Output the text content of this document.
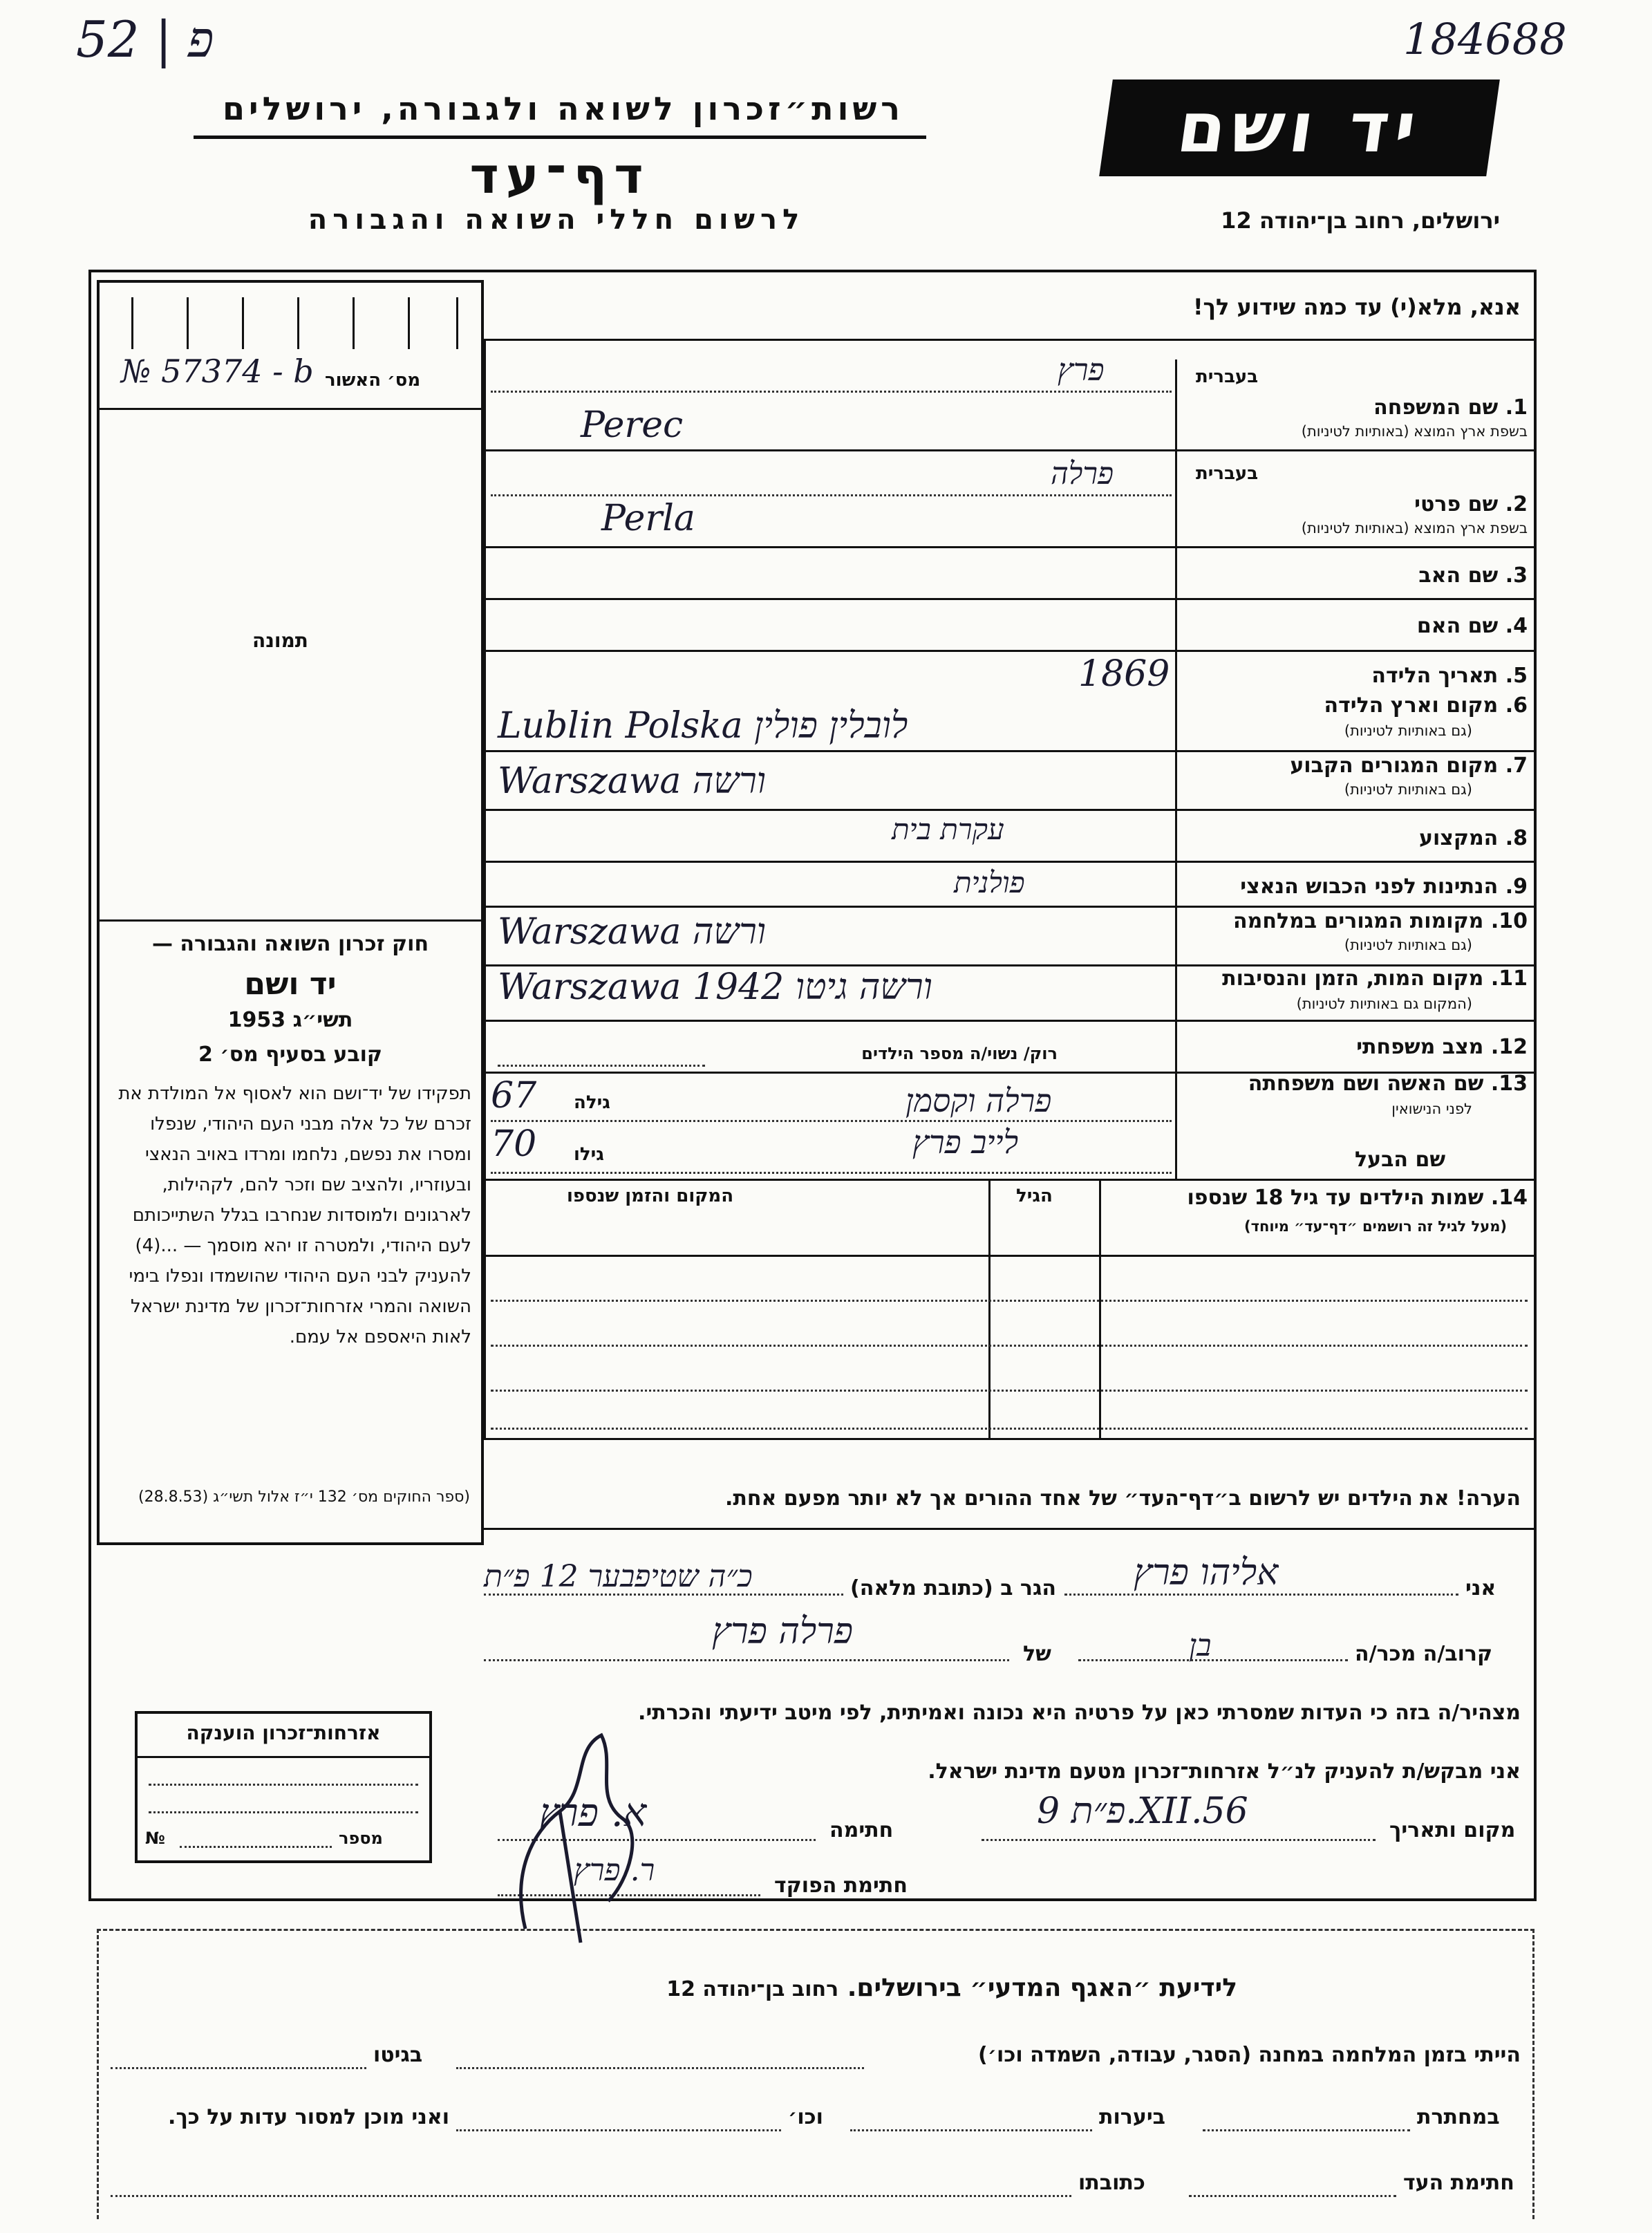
52 | פ	184688
רשות״זכרון לשואה ולגבורה, ירושלים
דף־עד
לרשום חללי השואה והגבורה
יד ושם
ירושלים, רחוב בן־יהודה 12
מס׳ האשור
№ 57374 - b
תמונה
חוק זכרון השואה והגבורה —
יד ושם
תשי״ג 1953
קובע בסעיף מס׳ 2
תפקידו של יד־ושם הוא לאסוף אל המולדת את זכרם של כל אלה מבני העם היהודי, שנפלו ומסרו את נפשם, נלחמו ומרדו באויב הנאצי ובעוזריו, ולהציב שם וזכר להם, לקהילות, לארגונים ולמוסדות שנחרבו בגלל השתייכותם לעם היהודי, ולמטרה זו יהא מוסמך — ...(4) להעניק לבני העם היהודי שהושמדו ונפלו בימי השואה והמרי אזרחות־זכרון של מדינת ישראל לאות היאספם אל עמם.
(ספר החוקים מס׳ 132 י״ז אלול תשי״ג (28.8.53)
אנא, מלא(י) עד כמה שידוע לך!
בעברית
1. שם המשפחה
בשפת ארץ המוצא (באותיות לטיניות)
פרץ
Perec
בעברית
2. שם פרטי
בשפת ארץ המוצא (באותיות לטיניות)
פרלה
Perla
3. שם האב
4. שם האם
5. תאריך הלידה
1869
6. מקום וארץ הלידה
(גם באותיות לטיניות)
Lublin Polska לובלין פולין
7. מקום המגורים הקבוע
(גם באותיות לטיניות)
Warszawa ורשה
8. המקצוע
עקרת בית
9. הנתינות לפני הכבוש הנאצי
פולנית
10. מקומות המגורים במלחמה
(גם באותיות לטיניות)
Warszawa ורשה
11. מקום המות, הזמן והנסיבות
(המקום גם באותיות לטיניות)
Warszawa 1942 ורשה גיטו
12. מצב משפחתי
רוק/ נשוי/ה מספר הילדים
13. שם האשה ושם משפחתה
לפני הנישואין
פרלה וקסמן
גילה
67
שם הבעל
לייב פרץ
גילו
70
14. שמות הילדים עד גיל 18 שנספו
(מעל לגיל זה רושמים ״דף־עד״ מיוחד)
הגיל
המקום והזמן שנספו
הערה! את הילדים יש לרשום ב״דף־העד״ של אחד ההורים אך לא יותר מפעם אחת.
אני
אליהו פרץ
הגר ב (כתובת מלאה)
כ״ה שטיפבער 12 פ״ת
קרוב/ה מכר/ה
בן
של
פרלה פרץ
מצהיר/ה בזה כי העדות שמסרתי כאן על פרטיה היא נכונה ואמיתית, לפי מיטב ידיעתי והכרתי.
אני מבקש/ת להעניק לנ״ל אזרחות־זכרון מטעם מדינת ישראל.
מקום ותאריך
פ״ת 9.XII.56
חתימה
א. פרץ
חתימת הפוקד
ר. פרץ
אזרחות־זכרון הוענקה
מספר
№
לידיעת ״האגף המדעי״ בירושלים. רחוב בן־יהודה 12
הייתי בזמן המלחמה במחנה (הסגר, עבודה, השמדה וכו׳)
בגיטו
במחתרת
ביערות
וכו׳
ואני מוכן למסור עדות על כך.
חתימת העד
כתובתו
